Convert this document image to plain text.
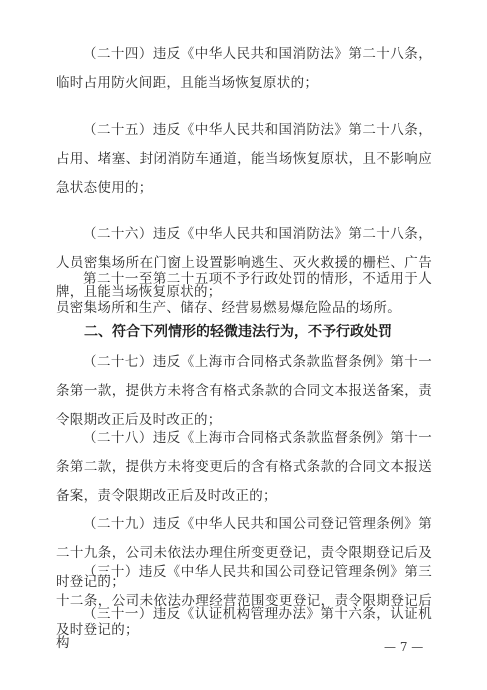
（二十四）违反《中华人民共和国消防法》第二十八条，临时占用防火间距，且能当场恢复原状的；

（二十五）违反《中华人民共和国消防法》第二十八条，占用、堵塞、封闭消防车通道，能当场恢复原状，且不影响应急状态使用的；

（二十六）违反《中华人民共和国消防法》第二十八条，人员密集场所在门窗上设置影响逃生、灭火救援的栅栏、广告牌，且能当场恢复原状的；

第二十一至第二十五项不予行政处罚的情形，不适用于人员密集场所和生产、储存、经营易燃易爆危险品的场所。

二、符合下列情形的轻微违法行为，不予行政处罚

（二十七）违反《上海市合同格式条款监督条例》第十一条第一款，提供方未将含有格式条款的合同文本报送备案，责令限期改正后及时改正的；

（二十八）违反《上海市合同格式条款监督条例》第十一条第二款，提供方未将变更后的含有格式条款的合同文本报送备案，责令限期改正后及时改正的；

（二十九）违反《中华人民共和国公司登记管理条例》第二十九条，公司未依法办理住所变更登记，责令限期登记后及时登记的；

（三十）违反《中华人民共和国公司登记管理条例》第三十二条，公司未依法办理经营范围变更登记，责令限期登记后及时登记的；

（三十一）违反《认证机构管理办法》第十六条，认证机构	— 7 —
